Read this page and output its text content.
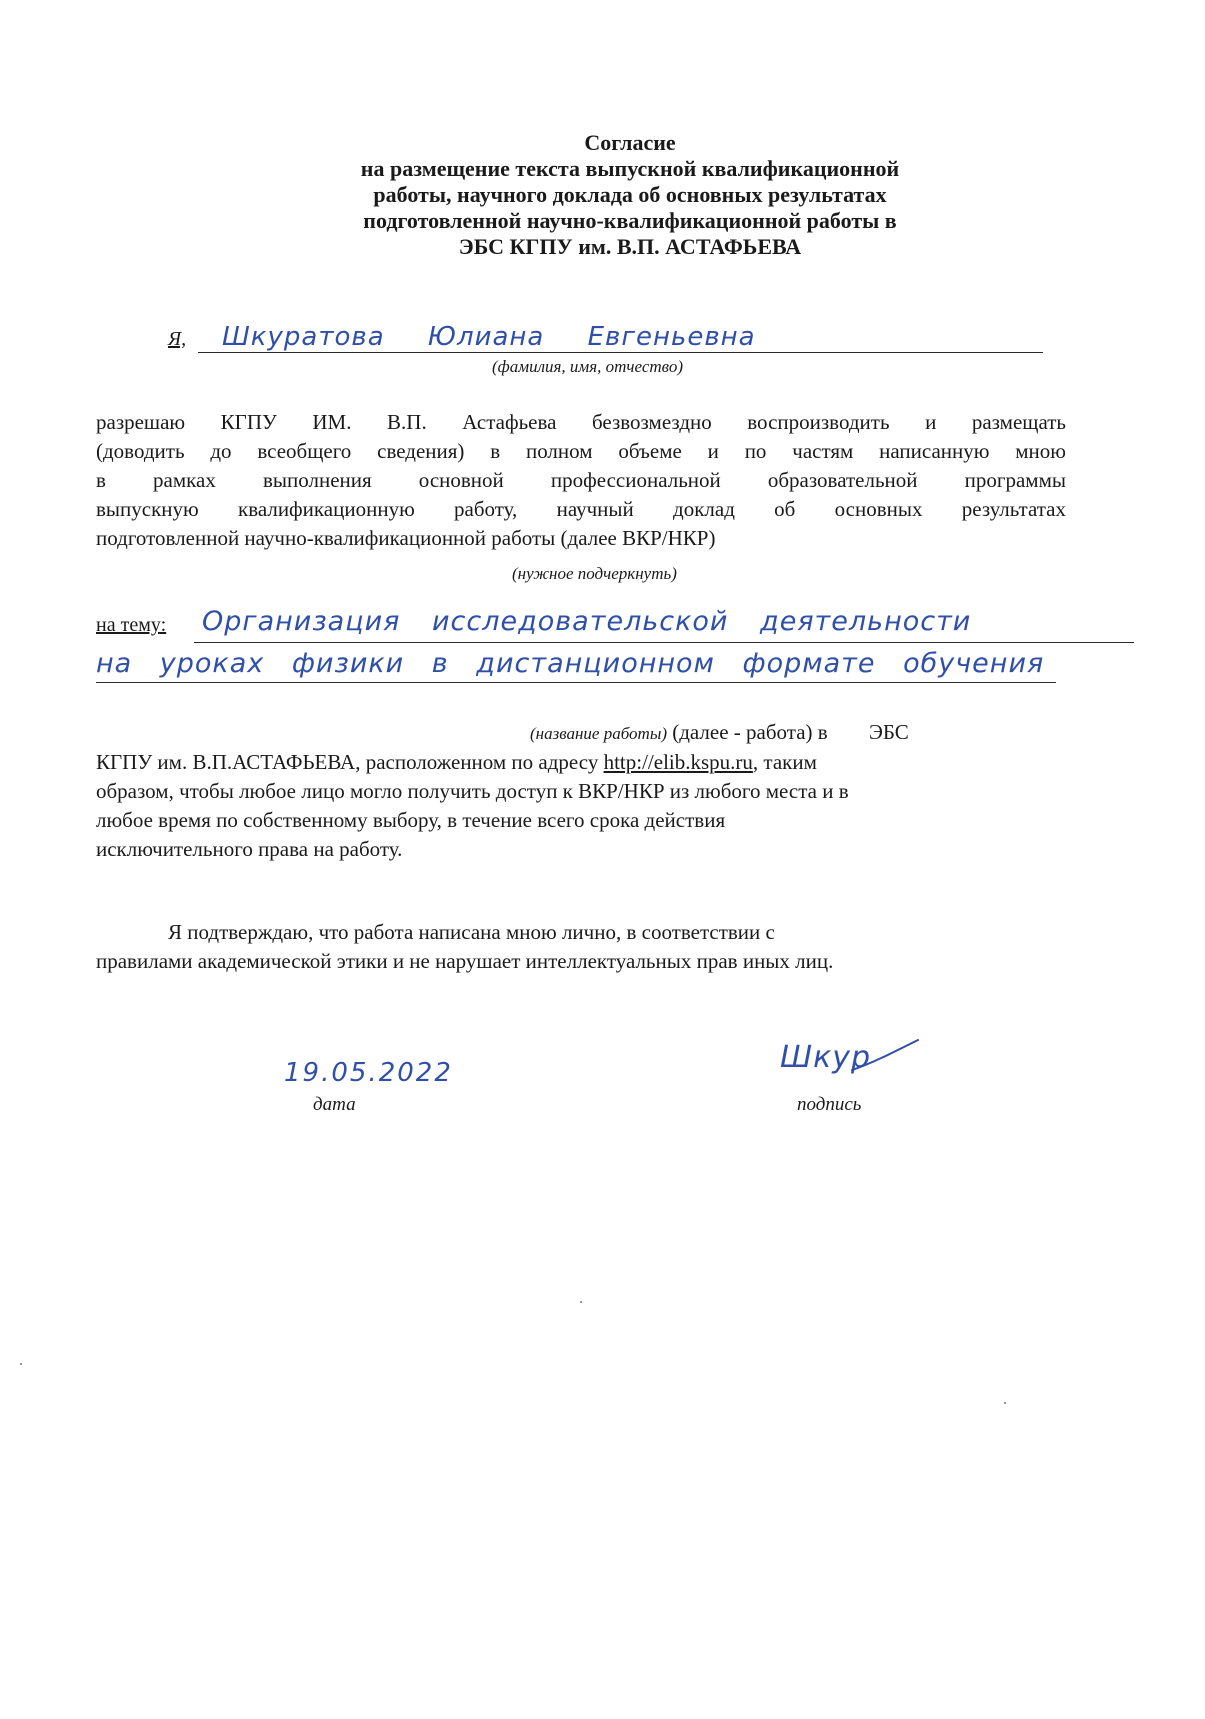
Согласие
на размещение текста выпускной квалификационной
работы, научного доклада об основных результатах
подготовленной научно-квалификационной работы в
ЭБС КГПУ им. В.П. АСТАФЬЕВА
Я, Шкуратова Юлиана Евгеньевна
(фамилия, имя, отчество)
разрешаю КГПУ ИМ. В.П. Астафьева безвозмездно воспроизводить и размещать
(доводить до всеобщего сведения) в полном объеме и по частям написанную мною
в рамках выполнения основной профессиональной образовательной программы
выпускную квалификационную работу, научный доклад об основных результатах
подготовленной научно-квалификационной работы (далее ВКР/НКР)
(нужное подчеркнуть)
на тему: Организация исследовательской деятельности
на уроках физики в дистанционном формате обучения
(название работы) (далее - работа) в ЭБС
КГПУ им. В.П.АСТАФЬЕВА, расположенном по адресу http://elib.kspu.ru, таким
образом, чтобы любое лицо могло получить доступ к ВКР/НКР из любого места и в
любое время по собственному выбору, в течение всего срока действия
исключительного права на работу.
Я подтверждаю, что работа написана мною лично, в соответствии с
правилами академической этики и не нарушает интеллектуальных прав иных лиц.
19.05.2022
дата
Шкур
подпись
